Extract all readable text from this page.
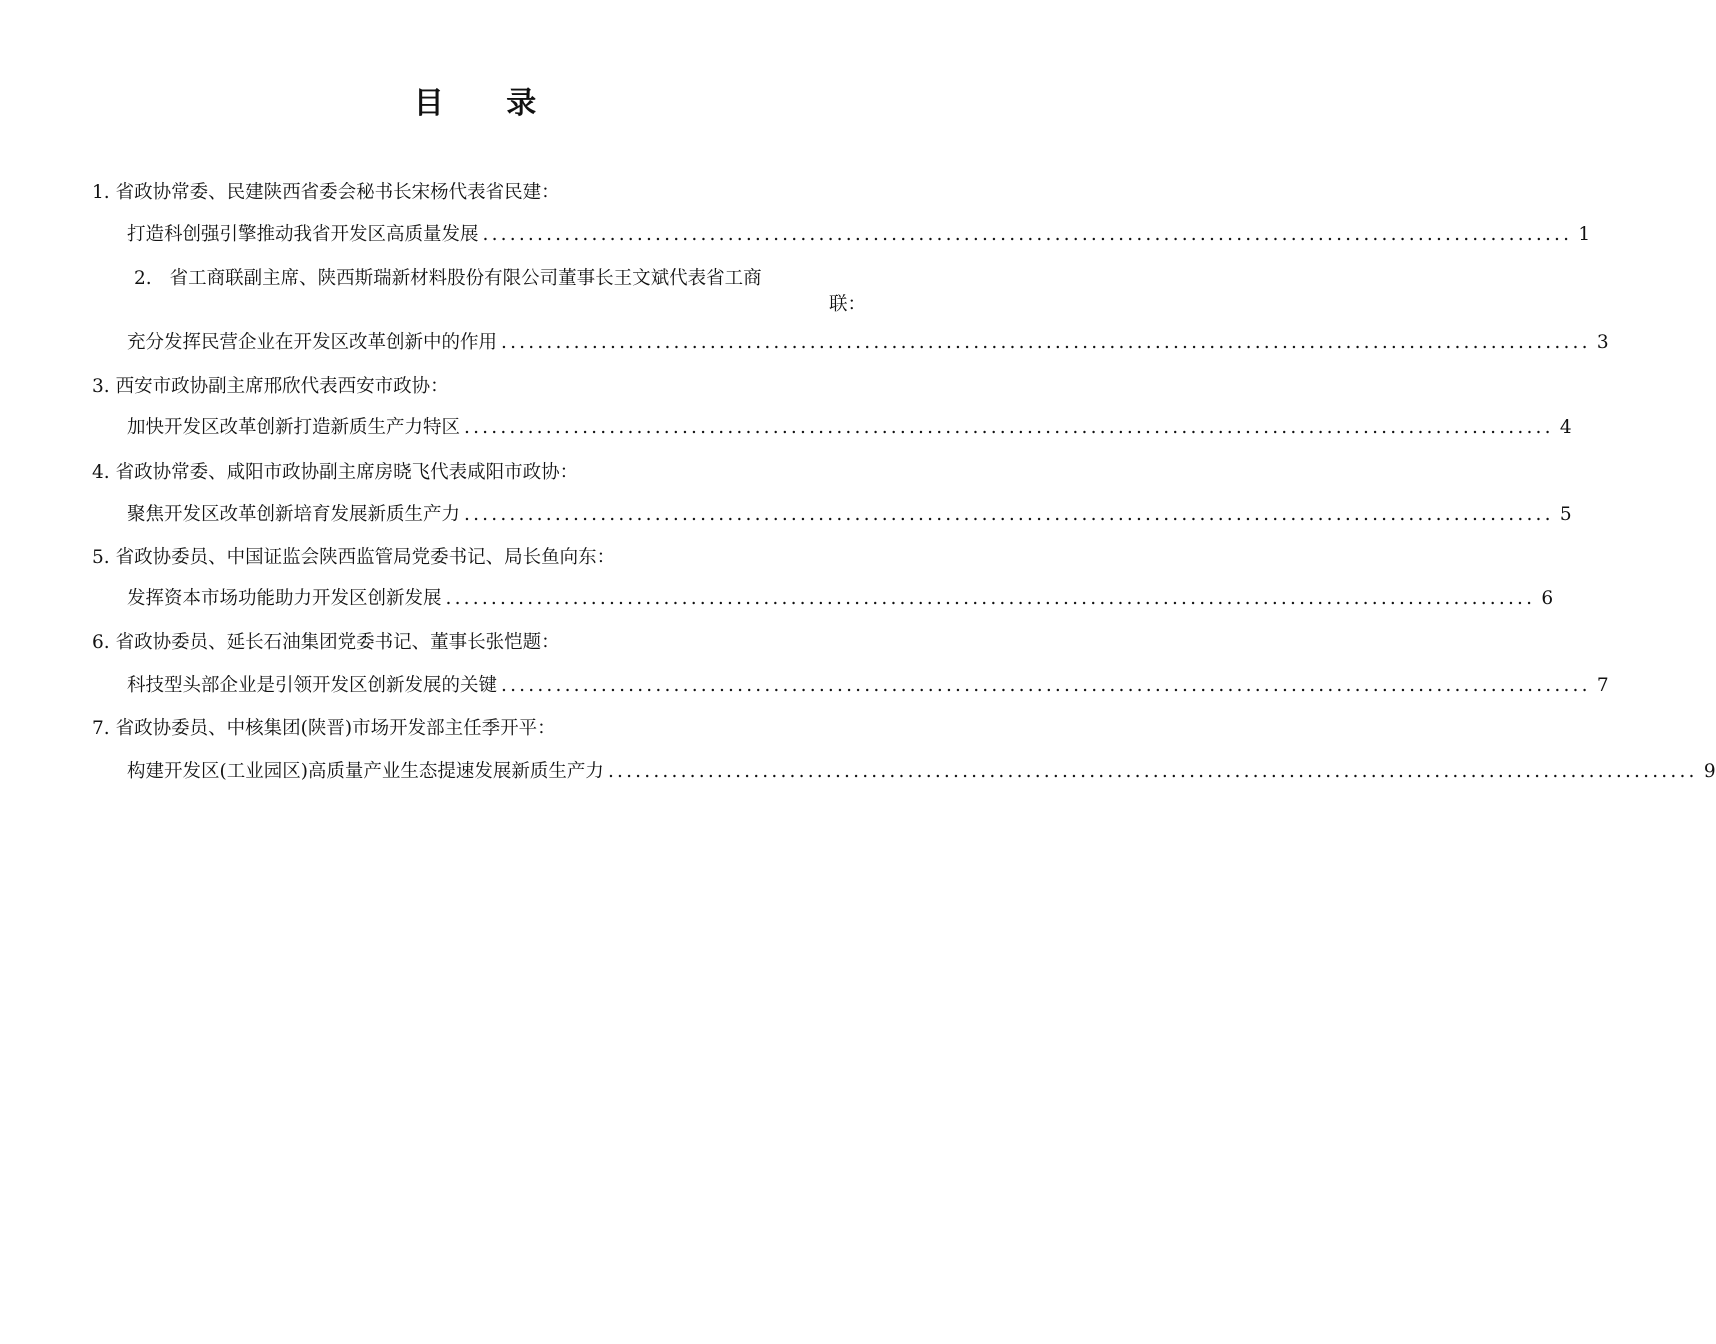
目 录
1. 省政协常委、民建陕西省委会秘书长宋杨代表省民建：
打造科创强引擎推动我省开发区高质量发展 ........................................................................................................................ 1
2. 省工商联副主席、陕西斯瑞新材料股份有限公司董事长王文斌代表省工商
联：
充分发挥民营企业在开发区改革创新中的作用 ........................................................................................................................ 3
3. 西安市政协副主席邢欣代表西安市政协：
加快开发区改革创新打造新质生产力特区 ........................................................................................................................ 4
4. 省政协常委、咸阳市政协副主席房晓飞代表咸阳市政协：
聚焦开发区改革创新培育发展新质生产力 ........................................................................................................................ 5
5. 省政协委员、中国证监会陕西监管局党委书记、局长鱼向东：
发挥资本市场功能助力开发区创新发展 ........................................................................................................................ 6
6. 省政协委员、延长石油集团党委书记、董事长张恺题：
科技型头部企业是引领开发区创新发展的关键 ........................................................................................................................ 7
7. 省政协委员、中核集团(陕晋)市场开发部主任季开平：
构建开发区(工业园区)高质量产业生态提速发展新质生产力 ........................................................................................................................ 9
